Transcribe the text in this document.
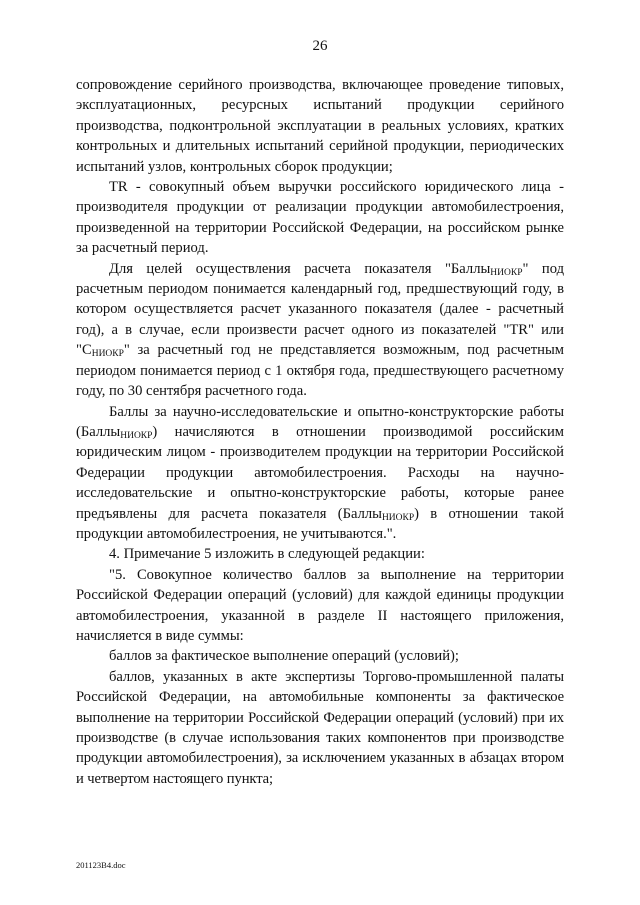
26

сопровождение серийного производства, включающее проведение типовых, эксплуатационных, ресурсных испытаний продукции серийного производства, подконтрольной эксплуатации в реальных условиях, кратких контрольных и длительных испытаний серийной продукции, периодических испытаний узлов, контрольных сборок продукции;

TR - совокупный объем выручки российского юридического лица - производителя продукции от реализации продукции автомобилестроения, произведенной на территории Российской Федерации, на российском рынке за расчетный период.

Для целей осуществления расчета показателя "Баллы$_{НИОКР}$" под расчетным периодом понимается календарный год, предшествующий году, в котором осуществляется расчет указанного показателя (далее - расчетный год), а в случае, если произвести расчет одного из показателей "TR" или "$С_{НИОКР}$" за расчетный год не представляется возможным, под расчетным периодом понимается период с 1 октября года, предшествующего расчетному году, по 30 сентября расчетного года.

Баллы за научно-исследовательские и опытно-конструкторские работы (Баллы$_{НИОКР}$) начисляются в отношении производимой российским юридическим лицом - производителем продукции на территории Российской Федерации продукции автомобилестроения. Расходы на научно-исследовательские и опытно-конструкторские работы, которые ранее предъявлены для расчета показателя (Баллы$_{НИОКР}$) в отношении такой продукции автомобилестроения, не учитываются.".

4. Примечание 5 изложить в следующей редакции:

"5. Совокупное количество баллов за выполнение на территории Российской Федерации операций (условий) для каждой единицы продукции автомобилестроения, указанной в разделе II настоящего приложения, начисляется в виде суммы:

баллов за фактическое выполнение операций (условий);

баллов, указанных в акте экспертизы Торгово-промышленной палаты Российской Федерации, на автомобильные компоненты за фактическое выполнение на территории Российской Федерации операций (условий) при их производстве (в случае использования таких компонентов при производстве продукции автомобилестроения), за исключением указанных в абзацах втором и четвертом настоящего пункта;

201123B4.doc
